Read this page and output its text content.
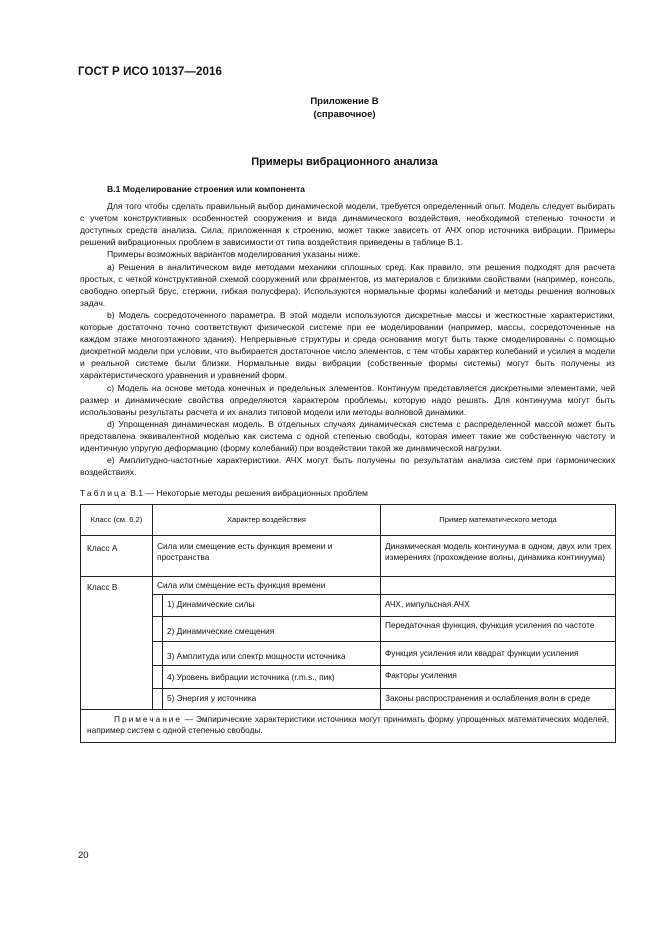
ГОСТ Р ИСО 10137—2016
Приложение В
(справочное)
Примеры вибрационного анализа
В.1 Моделирование строения или компонента

Для того чтобы сделать правильный выбор динамической модели, требуется определенный опыт. Модель следует выбирать с учетом конструктивных особенностей сооружения и вида динамического воздействия, необходимой степенью точности и доступных средств анализа. Сила, приложенная к строению, может также зависеть от АЧХ опор источника вибрации. Примеры решений вибрационных проблем в зависимости от типа воздействия приведены в таблице В.1.

Примеры возможных вариантов моделирования указаны ниже.

a) Решения в аналитическом виде методами механики сплошных сред. Как правило, эти решения подходят для расчета простых, с четкой конструктивной схемой сооружений или фрагментов, из материалов с близкими свойствами (например, консоль, свободно опертый брус, стержни, гибкая полусфера). Используются нормальные формы колебаний и методы решения волновых задач.

b) Модель сосредоточенного параметра. В этой модели используются дискретные массы и жесткостные характеристики, которые достаточно точно соответствуют физической системе при ее моделировании (например, массы, сосредоточенные на каждом этаже многоэтажного здания). Непрерывные структуры и среда основания могут быть также смоделированы с помощью дискретной модели при условии, что выбирается достаточное число элементов, с тем чтобы характер колебаний и усилия в модели и реальной системе были близки. Нормальные виды вибрации (собственные формы системы) могут быть получены из характеристического уравнения и уравнений форм.

c) Модель на основе метода конечных и предельных элементов. Континуум представляется дискретными элементами, чей размер и динамические свойства определяются характером проблемы, которую надо решать. Для континуума могут быть использованы результаты расчета и их анализ типовой модели или методы волновой динамики.

d) Упрощенная динамическая модель. В отдельных случаях динамическая система с распределенной массой может быть представлена эквивалентной моделью как система с одной степенью свободы, которая имеет такие же собственную частоту и идентичную упругую деформацию (форму колебаний) при воздействии такой же динамической нагрузки.

e) Амплитудно-частотные характеристики. АЧХ могут быть получены по результатам анализа систем при гармонических воздействиях.

Таблица В.1 — Некоторые методы решения вибрационных проблем

Класс (см. 6.2)	Характер воздействия		Пример математического метода
Класс А	Сила или смещение есть функция времени и пространства		Динамическая модель континуума в одном, двух или трех измерениях (прохождение волны, динамика континуума)
Класс В	Сила или смещение есть функция времени		
		1) Динамические силы	АЧХ, импульсная АЧХ
		2) Динамические смещения	Передаточная функция, функция усиления по частоте
		3) Амплитуда или спектр мощности источника	Функция усиления или квадрат функции усиления
		4) Уровень вибрации источника (r.m.s., пик)	Факторы усиления
		5) Энергия у источника	Законы распространения и ослабления волн в среде
Примечание — Эмпирические характеристики источника могут принимать форму упрощенных математических моделей, например систем с одной степенью свободы.			
20
